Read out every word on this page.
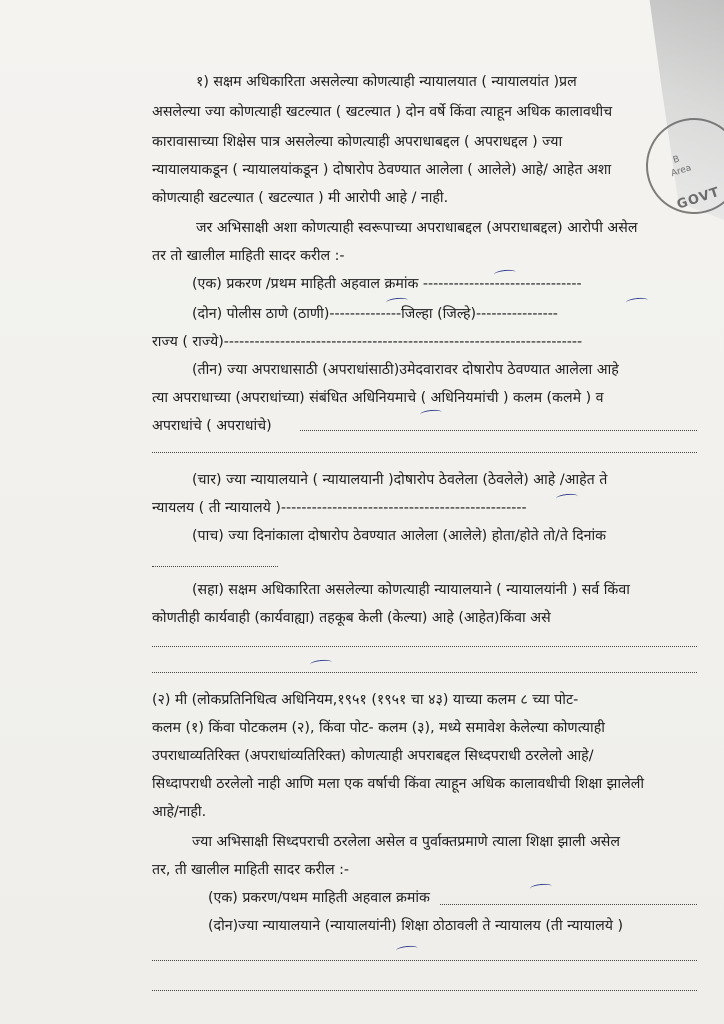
B
Area
GOVT
१) सक्षम अधिकारिता असलेल्या कोणत्याही न्यायालयात ( न्यायालयांत )प्रल
असलेल्या ज्या कोणत्याही खटल्यात ( खटल्यात ) दोन वर्षे किंवा त्याहून अधिक कालावधीच
कारावासाच्या शिक्षेस पात्र असलेल्या कोणत्याही अपराधाबद्दल ( अपराधद्दल ) ज्या
न्यायालयाकडून ( न्यायालयांकडून ) दोषारोप ठेवण्यात आलेला ( आलेले) आहे/ आहेत अशा
कोणत्याही खटल्यात ( खटल्यात ) मी आरोपी आहे / नाही.
जर अभिसाक्षी अशा कोणत्याही स्वरूपाच्या अपराधाबद्दल (अपराधाबद्दल) आरोपी असेल
तर तो खालील माहिती सादर करील :-
(एक) प्रकरण /प्रथम माहिती अहवाल क्रमांक -------------------------------
(दोन) पोलीस ठाणे (ठाणी)--------------जिल्हा (जिल्हे)----------------
राज्य ( राज्ये)----------------------------------------------------------------------
(तीन) ज्या अपराधासाठी (अपराधांसाठी)उमेदवारावर दोषारोप ठेवण्यात आलेला आहे
त्या अपराधाच्या (अपराधांच्या) संबंधित अधिनियमाचे ( अधिनियमांची ) कलम (कलमे ) व
अपराधांचे ( अपराधांचे)
(चार) ज्या न्यायालयाने ( न्यायालयानी )दोषारोप ठेवलेला (ठेवलेले) आहे /आहेत ते
न्यायलय ( ती न्यायालये )------------------------------------------------
(पाच) ज्या दिनांकाला दोषारोप ठेवण्यात आलेला (आलेले) होता/होते तो/ते दिनांक
(सहा) सक्षम अधिकारिता असलेल्या कोणत्याही न्यायालयाने ( न्यायालयांनी ) सर्व किंवा
कोणतीही कार्यवाही (कार्यवाह्या) तहकूब केली (केल्या) आहे (आहेत)किंवा असे
(२) मी (लोकप्रतिनिधित्व अधिनियम,१९५१ (१९५१ चा ४३) याच्या कलम ८ च्या पोट-
कलम (१) किंवा पोटकलम (२), किंवा पोट- कलम (३), मध्ये समावेश केलेल्या कोणत्याही
उपराधाव्यतिरिक्त (अपराधांव्यतिरिक्त) कोणत्याही अपराबद्दल सिध्दपराधी ठरलेलो आहे/
सिध्दापराधी ठरलेलो नाही आणि मला एक वर्षाची किंवा त्याहून अधिक कालावधीची शिक्षा झालेली
आहे/नाही.
ज्या अभिसाक्षी सिध्दपराची ठरलेला असेल व पुर्वाक्तप्रमाणे त्याला शिक्षा झाली असेल
तर, ती खालील माहिती सादर करील :-
(एक) प्रकरण/पथम माहिती अहवाल क्रमांक
(दोन)ज्या न्यायालयाने (न्यायालयांनी) शिक्षा ठोठावली ते न्यायालय (ती न्यायालये )
